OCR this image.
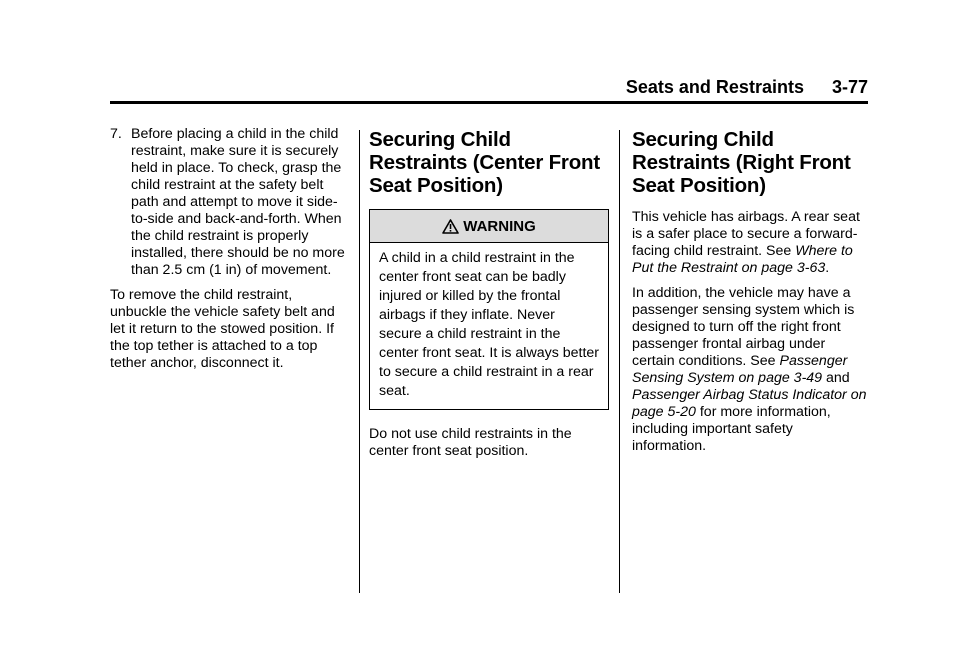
Seats and Restraints 3-77
7. Before placing a child in the child restraint, make sure it is securely held in place. To check, grasp the child restraint at the safety belt path and attempt to move it side-to-side and back-and-forth. When the child restraint is properly installed, there should be no more than 2.5 cm (1 in) of movement.

To remove the child restraint, unbuckle the vehicle safety belt and let it return to the stowed position. If the top tether is attached to a top tether anchor, disconnect it.

Securing Child Restraints (Center Front Seat Position)
WARNING
A child in a child restraint in the center front seat can be badly injured or killed by the frontal airbags if they inflate. Never secure a child restraint in the center front seat. It is always better to secure a child restraint in a rear seat.

Do not use child restraints in the center front seat position.

Securing Child Restraints (Right Front Seat Position)

This vehicle has airbags. A rear seat is a safer place to secure a forward-facing child restraint. See Where to Put the Restraint on page 3-63.

In addition, the vehicle may have a passenger sensing system which is designed to turn off the right front passenger frontal airbag under certain conditions. See Passenger Sensing System on page 3-49 and Passenger Airbag Status Indicator on page 5-20 for more information, including important safety information.
